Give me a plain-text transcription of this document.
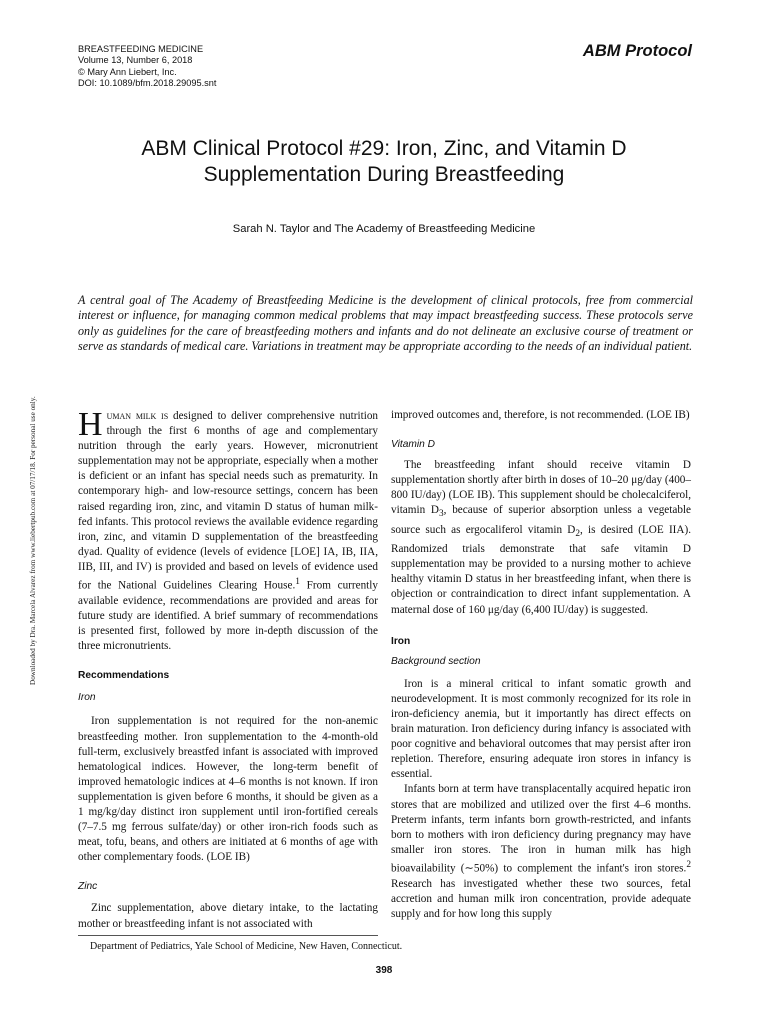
BREASTFEEDING MEDICINE
Volume 13, Number 6, 2018
© Mary Ann Liebert, Inc.
DOI: 10.1089/bfm.2018.29095.snt
ABM Protocol
ABM Clinical Protocol #29: Iron, Zinc, and Vitamin D
Supplementation During Breastfeeding
Sarah N. Taylor and The Academy of Breastfeeding Medicine
A central goal of The Academy of Breastfeeding Medicine is the development of clinical protocols, free from commercial interest or influence, for managing common medical problems that may impact breastfeeding success. These protocols serve only as guidelines for the care of breastfeeding mothers and infants and do not delineate an exclusive course of treatment or serve as standards of medical care. Variations in treatment may be appropriate according to the needs of an individual patient.
Downloaded by Dra. Marcela Alvarez from www.liebertpub.com at 07/17/18. For personal use only. Human milk is designed to deliver comprehensive nutrition through the first 6 months of age and complementary nutrition through the early years. However, micronutrient supplementation may not be appropriate, especially when a mother is deficient or an infant has special needs such as prematurity. In contemporary high- and low-resource settings, concern has been raised regarding iron, zinc, and vitamin D status of human milk-fed infants. This protocol reviews the available evidence regarding iron, zinc, and vitamin D supplementation of the breastfeeding dyad. Quality of evidence (levels of evidence [LOE] IA, IB, IIA, IIB, III, and IV) is provided and based on levels of evidence used for the National Guidelines Clearing House.$^1$ From currently available evidence, recommendations are provided and areas for future study are identified. A brief summary of recommendations is presented first, followed by more in-depth discussion of the three micronutrients.

Recommendations
Iron

Iron supplementation is not required for the non-anemic breastfeeding mother. Iron supplementation to the 4-month-old full-term, exclusively breastfed infant is associated with improved hematological indices. However, the long-term benefit of improved hematologic indices at 4–6 months is not known. If iron supplementation is given before 6 months, it should be given as a 1 mg/kg/day distinct iron supplement until iron-fortified cereals (7–7.5 mg ferrous sulfate/day) or other iron-rich foods such as meat, tofu, beans, and others are initiated at 6 months of age with other complementary foods. (LOE IB)

Zinc

Zinc supplementation, above dietary intake, to the lactating mother or breastfeeding infant is not associated with

improved outcomes and, therefore, is not recommended. (LOE IB)

Vitamin D

The breastfeeding infant should receive vitamin D supplementation shortly after birth in doses of 10–20 μg/day (400–800 IU/day) (LOE IB). This supplement should be cholecalciferol, vitamin $D_3$, because of superior absorption unless a vegetable source such as ergocaliferol vitamin $D_2$, is desired (LOE IIA). Randomized trials demonstrate that safe vitamin D supplementation may be provided to a nursing mother to achieve healthy vitamin D status in her breastfeeding infant, when there is objection or contraindication to direct infant supplementation. A maternal dose of 160 μg/day (6,400 IU/day) is suggested.

Iron
Background section

Iron is a mineral critical to infant somatic growth and neurodevelopment. It is most commonly recognized for its role in iron-deficiency anemia, but it importantly has direct effects on brain maturation. Iron deficiency during infancy is associated with poor cognitive and behavioral outcomes that may persist after iron repletion. Therefore, ensuring adequate iron stores in infancy is essential.

Infants born at term have transplacentally acquired hepatic iron stores that are mobilized and utilized over the first 4–6 months. Preterm infants, term infants born growth-restricted, and infants born to mothers with iron deficiency during pregnancy may have smaller iron stores. The iron in human milk has high bioavailability (∼50%) to complement the infant's iron stores.$^2$ Research has investigated whether these two sources, fetal accretion and human milk iron concentration, provide adequate supply and for how long this supply

Department of Pediatrics, Yale School of Medicine, New Haven, Connecticut.
398
